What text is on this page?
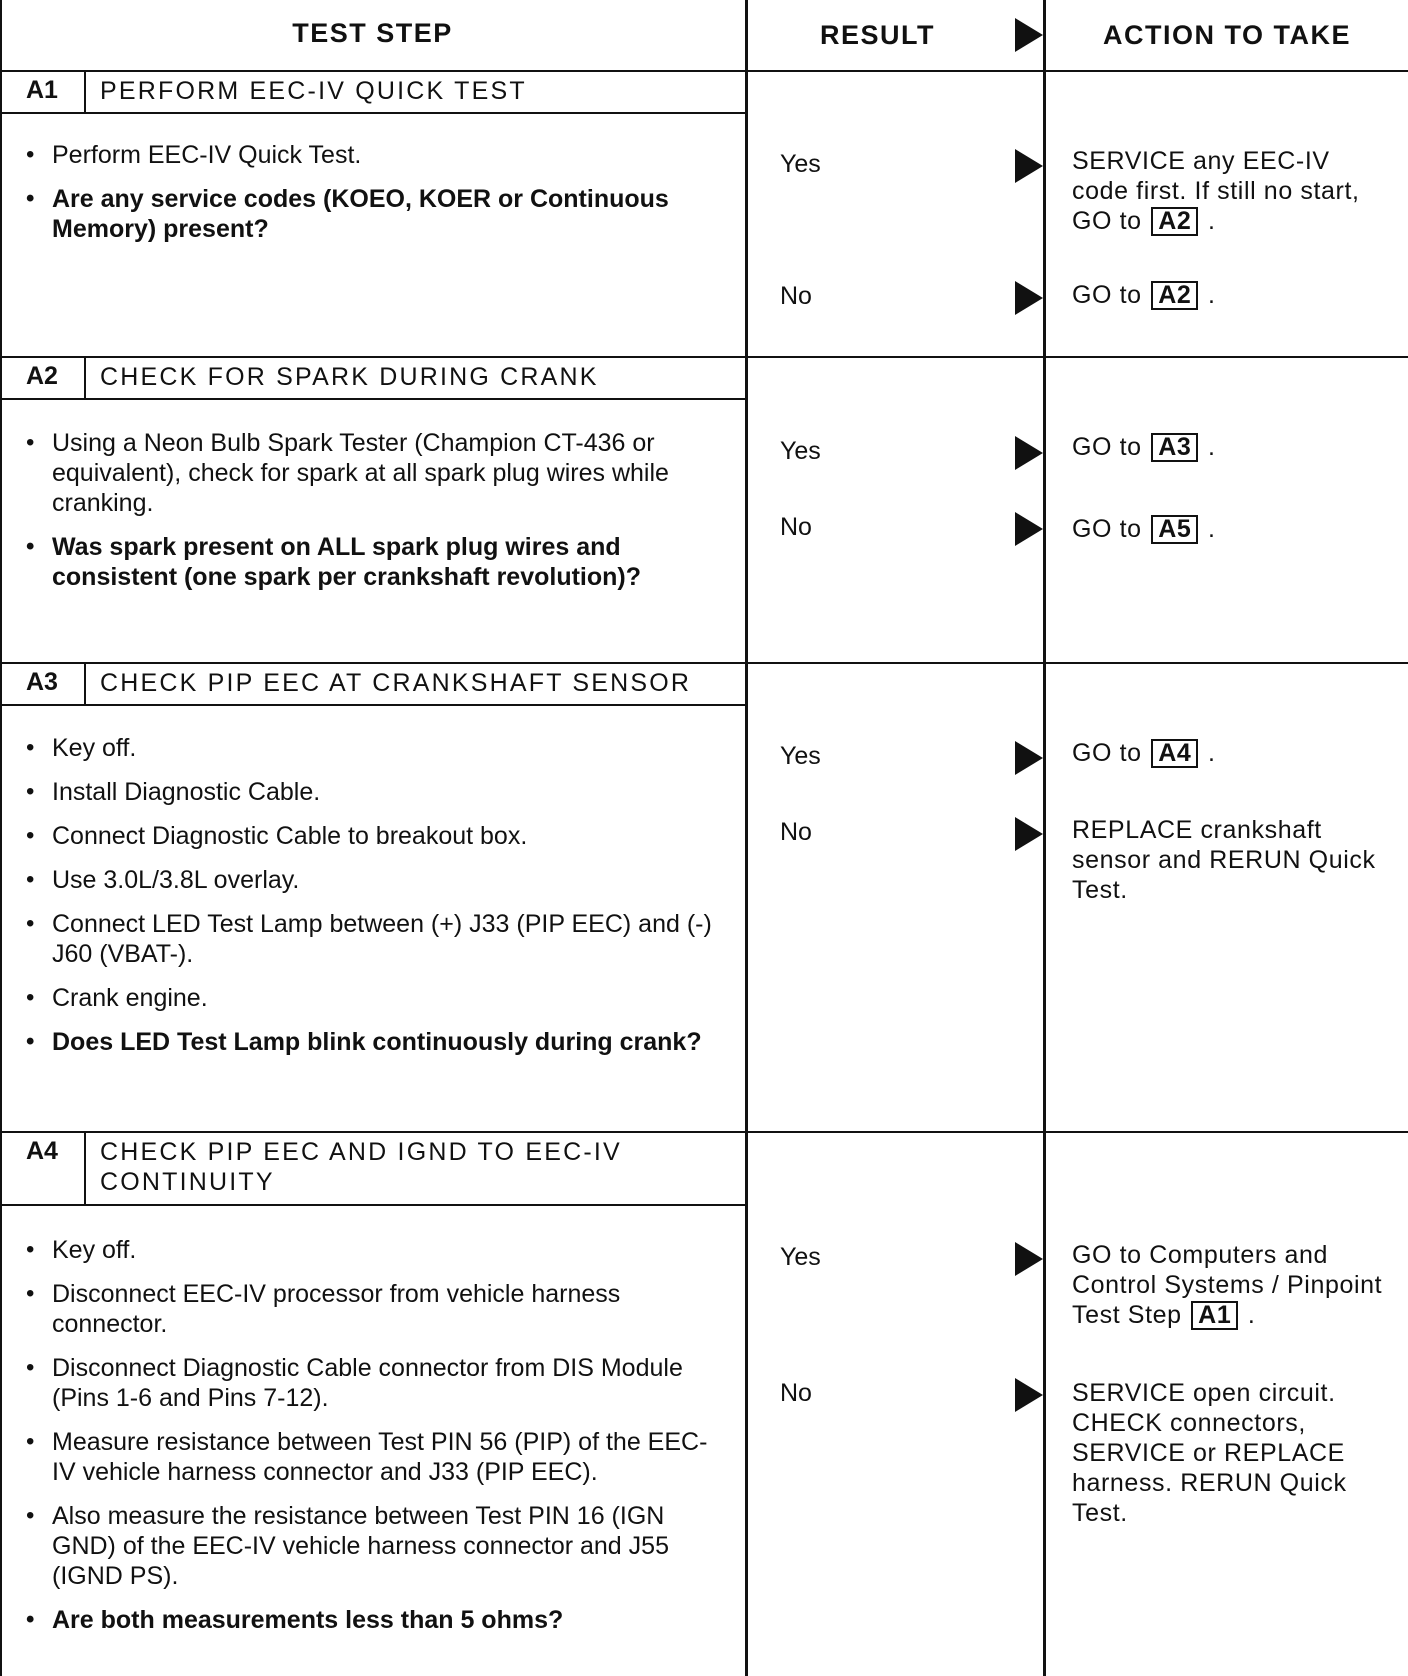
TEST STEP	RESULT	ACTION TO TAKE
A1 PERFORM EEC-IV QUICK TEST
• Perform EEC-IV Quick Test.
• Are any service codes (KOEO, KOER or Continuous Memory) present?
Yes	SERVICE any EEC-IV code first. If still no start, GO to A2 .
No	GO to A2 .
A2 CHECK FOR SPARK DURING CRANK
• Using a Neon Bulb Spark Tester (Champion CT-436 or equivalent), check for spark at all spark plug wires while cranking.
• Was spark present on ALL spark plug wires and consistent (one spark per crankshaft revolution)?
Yes	GO to A3 .
No	GO to A5 .
A3 CHECK PIP EEC AT CRANKSHAFT SENSOR
• Key off.
• Install Diagnostic Cable.
• Connect Diagnostic Cable to breakout box.
• Use 3.0L/3.8L overlay.
• Connect LED Test Lamp between (+) J33 (PIP EEC) and (-) J60 (VBAT-).
• Crank engine.
• Does LED Test Lamp blink continuously during crank?
Yes	GO to A4 .
No	REPLACE crankshaft sensor and RERUN Quick Test.
A4 CHECK PIP EEC AND IGND TO EEC-IV CONTINUITY
• Key off.
• Disconnect EEC-IV processor from vehicle harness connector.
• Disconnect Diagnostic Cable connector from DIS Module (Pins 1-6 and Pins 7-12).
• Measure resistance between Test PIN 56 (PIP) of the EEC-IV vehicle harness connector and J33 (PIP EEC).
• Also measure the resistance between Test PIN 16 (IGN GND) of the EEC-IV vehicle harness connector and J55 (IGND PS).
• Are both measurements less than 5 ohms?
Yes	GO to Computers and Control Systems / Pinpoint Test Step A1 .
No	SERVICE open circuit. CHECK connectors, SERVICE or REPLACE harness. RERUN Quick Test.
